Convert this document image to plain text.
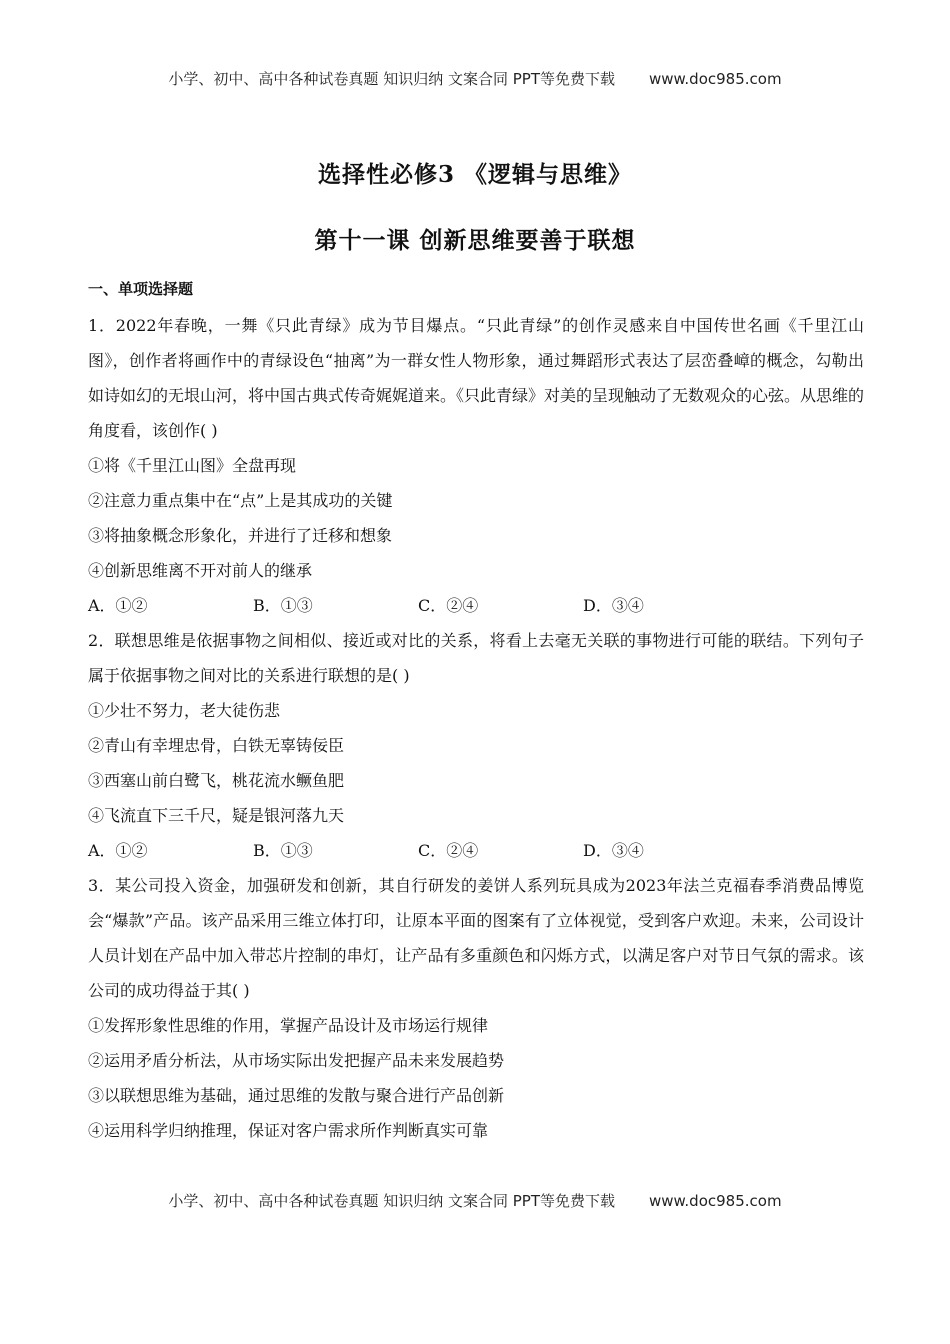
小学、初中、高中各种试卷真题 知识归纳 文案合同 PPT等免费下载 www.doc985.com
选择性必修3 《逻辑与思维》
第十一课 创新思维要善于联想
一、单项选择题

1．2022年春晚，一舞《只此青绿》成为节目爆点。“只此青绿”的创作灵感来自中国传世名画《千里江山图》，创作者将画作中的青绿设色“抽离”为一群女性人物形象，通过舞蹈形式表达了层峦叠嶂的概念，勾勒出如诗如幻的无垠山河，将中国古典式传奇娓娓道来。《只此青绿》对美的呈现触动了无数观众的心弦。从思维的角度看，该创作( )

①将《千里江山图》全盘再现

②注意力重点集中在“点”上是其成功的关键

③将抽象概念形象化，并进行了迁移和想象

④创新思维离不开对前人的继承

A．①②	B．①③	C．②④	D．③④

2．联想思维是依据事物之间相似、接近或对比的关系，将看上去毫无关联的事物进行可能的联结。下列句子属于依据事物之间对比的关系进行联想的是( )

①少壮不努力，老大徒伤悲

②青山有幸埋忠骨，白铁无辜铸佞臣

③西塞山前白鹭飞，桃花流水鳜鱼肥

④飞流直下三千尺，疑是银河落九天

A．①②	B．①③	C．②④	D．③④

3．某公司投入资金，加强研发和创新，其自行研发的姜饼人系列玩具成为2023年法兰克福春季消费品博览会“爆款”产品。该产品采用三维立体打印，让原本平面的图案有了立体视觉，受到客户欢迎。未来，公司设计人员计划在产品中加入带芯片控制的串灯，让产品有多重颜色和闪烁方式，以满足客户对节日气氛的需求。该公司的成功得益于其( )

①发挥形象性思维的作用，掌握产品设计及市场运行规律

②运用矛盾分析法，从市场实际出发把握产品未来发展趋势

③以联想思维为基础，通过思维的发散与聚合进行产品创新

④运用科学归纳推理，保证对客户需求所作判断真实可靠

小学、初中、高中各种试卷真题 知识归纳 文案合同 PPT等免费下载 www.doc985.com
